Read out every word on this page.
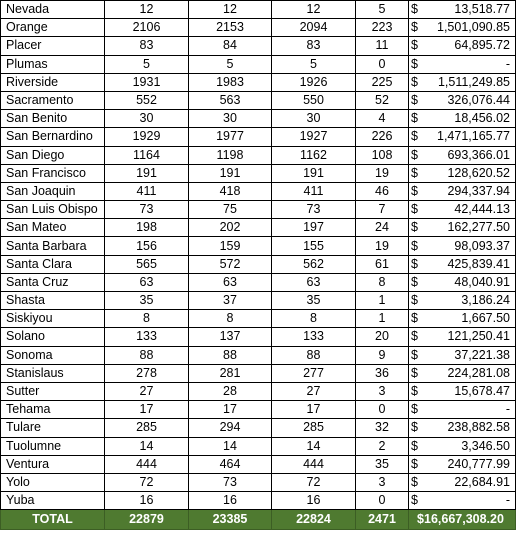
Nevada	12	12	12	5	$ 13,518.77

Orange	2106	2153	2094	223	$ 1,501,090.85

Placer	83	84	83	11	$ 64,895.72

Plumas	5	5	5	0	$ -

Riverside	1931	1983	1926	225	$ 1,511,249.85

Sacramento	552	563	550	52	$ 326,076.44

San Benito	30	30	30	4	$ 18,456.02

San Bernardino	1929	1977	1927	226	$ 1,471,165.77

San Diego	1164	1198	1162	108	$ 693,366.01

San Francisco	191	191	191	19	$ 128,620.52

San Joaquin	411	418	411	46	$ 294,337.94

San Luis Obispo	73	75	73	7	$ 42,444.13

San Mateo	198	202	197	24	$ 162,277.50

Santa Barbara	156	159	155	19	$ 98,093.37

Santa Clara	565	572	562	61	$ 425,839.41

Santa Cruz	63	63	63	8	$ 48,040.91

Shasta	35	37	35	1	$ 3,186.24

Siskiyou	8	8	8	1	$ 1,667.50

Solano	133	137	133	20	$ 121,250.41

Sonoma	88	88	88	9	$ 37,221.38

Stanislaus	278	281	277	36	$ 224,281.08

Sutter	27	28	27	3	$ 15,678.47

Tehama	17	17	17	0	$ -

Tulare	285	294	285	32	$ 238,882.58

Tuolumne	14	14	14	2	$ 3,346.50

Ventura	444	464	444	35	$ 240,777.99

Yolo	72	73	72	3	$ 22,684.91

Yuba	16	16	16	0	$ -

TOTAL	22879	23385	22824	2471	$16,667,308.20
